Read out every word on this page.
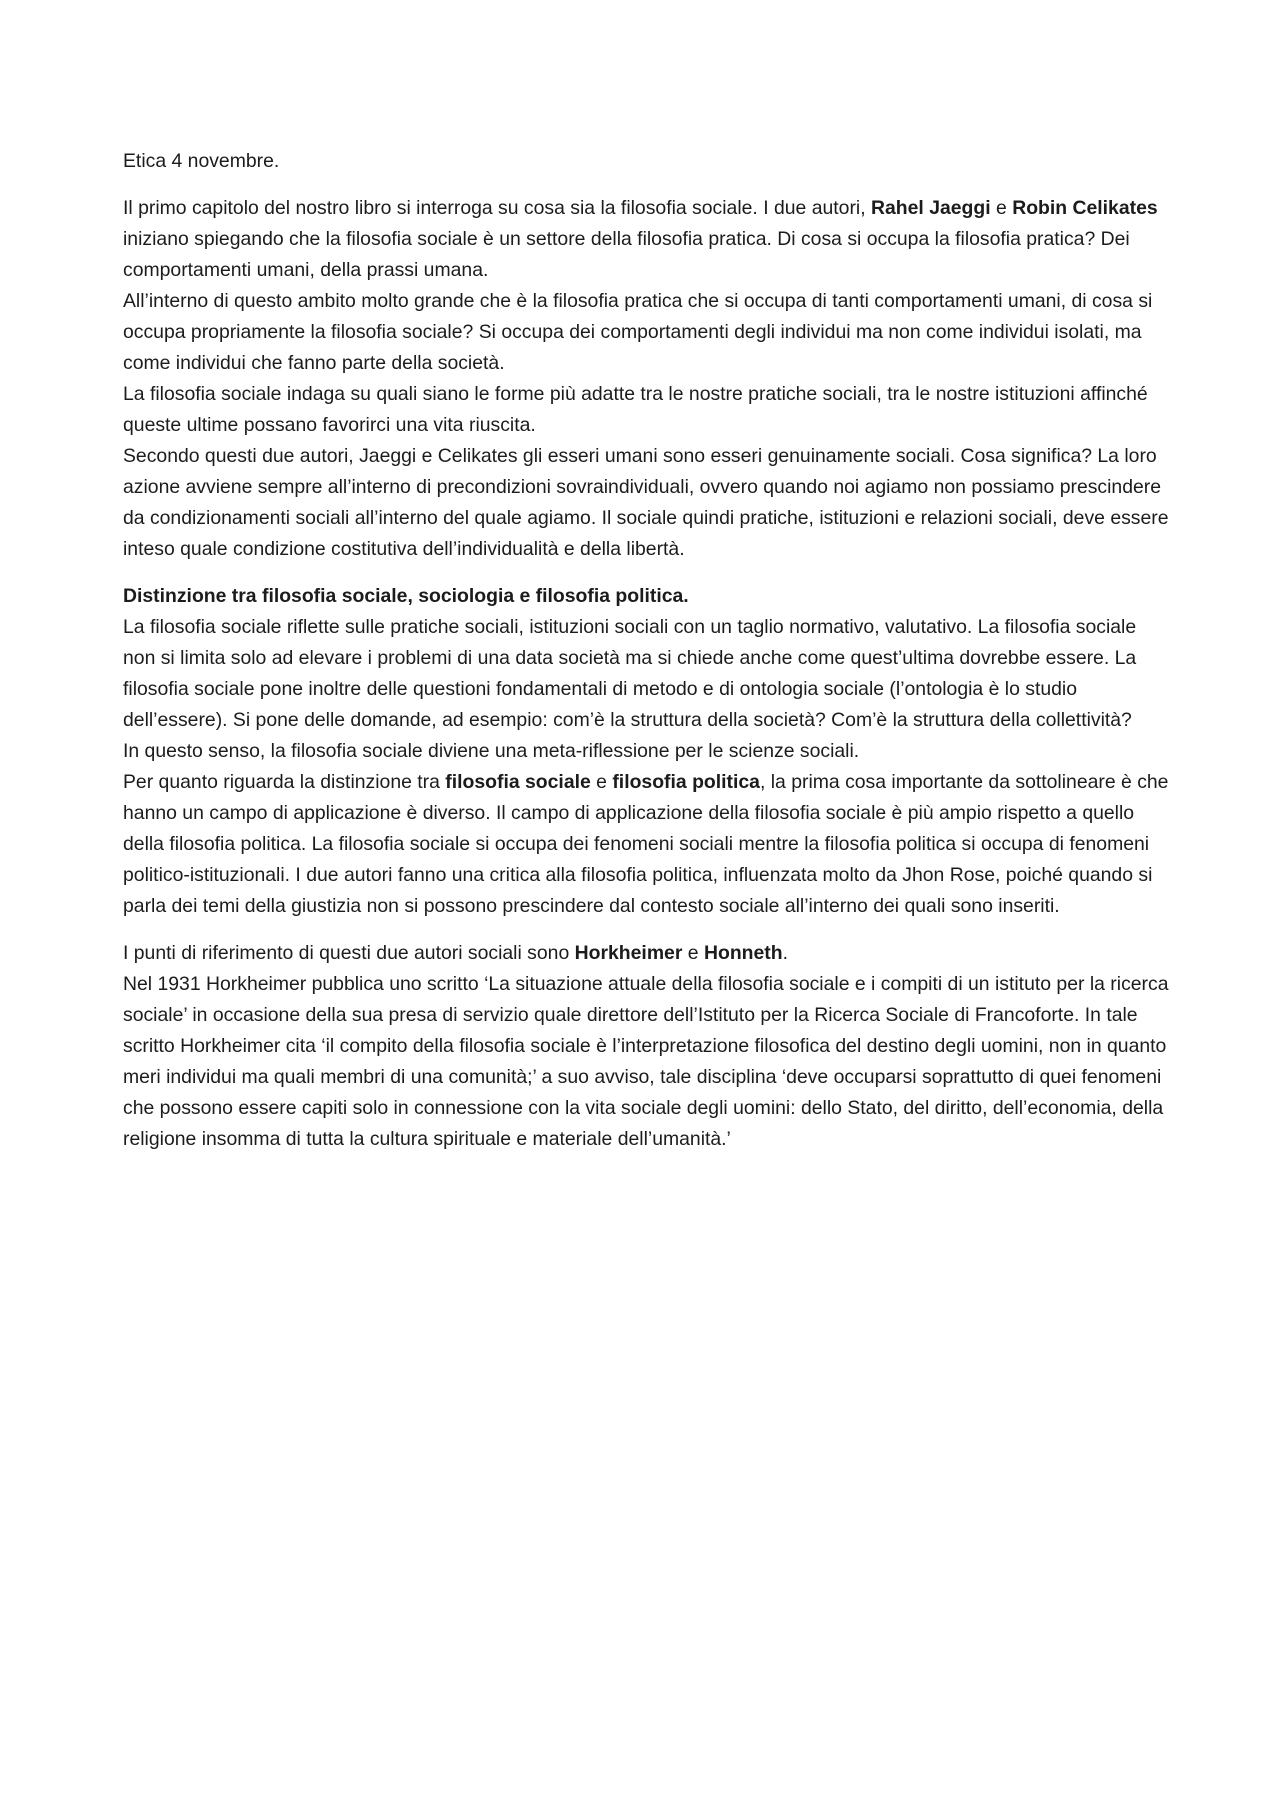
Etica 4 novembre.

Il primo capitolo del nostro libro si interroga su cosa sia la filosofia sociale. I due autori, Rahel Jaeggi e Robin Celikates iniziano spiegando che la filosofia sociale è un settore della filosofia pratica. Di cosa si occupa la filosofia pratica? Dei comportamenti umani, della prassi umana.

All’interno di questo ambito molto grande che è la filosofia pratica che si occupa di tanti comportamenti umani, di cosa si occupa propriamente la filosofia sociale? Si occupa dei comportamenti degli individui ma non come individui isolati, ma come individui che fanno parte della società.

La filosofia sociale indaga su quali siano le forme più adatte tra le nostre pratiche sociali, tra le nostre istituzioni affinché queste ultime possano favorirci una vita riuscita.

Secondo questi due autori, Jaeggi e Celikates gli esseri umani sono esseri genuinamente sociali. Cosa significa? La loro azione avviene sempre all’interno di precondizioni sovraindividuali, ovvero quando noi agiamo non possiamo prescindere da condizionamenti sociali all’interno del quale agiamo. Il sociale quindi pratiche, istituzioni e relazioni sociali, deve essere inteso quale condizione costitutiva dell’individualità e della libertà.

Distinzione tra filosofia sociale, sociologia e filosofia politica.

La filosofia sociale riflette sulle pratiche sociali, istituzioni sociali con un taglio normativo, valutativo. La filosofia sociale non si limita solo ad elevare i problemi di una data società ma si chiede anche come quest’ultima dovrebbe essere. La filosofia sociale pone inoltre delle questioni fondamentali di metodo e di ontologia sociale (l’ontologia è lo studio dell’essere). Si pone delle domande, ad esempio: com’è la struttura della società? Com’è la struttura della collettività?

In questo senso, la filosofia sociale diviene una meta-riflessione per le scienze sociali.

Per quanto riguarda la distinzione tra filosofia sociale e filosofia politica, la prima cosa importante da sottolineare è che hanno un campo di applicazione è diverso. Il campo di applicazione della filosofia sociale è più ampio rispetto a quello della filosofia politica. La filosofia sociale si occupa dei fenomeni sociali mentre la filosofia politica si occupa di fenomeni politico-istituzionali. I due autori fanno una critica alla filosofia politica, influenzata molto da Jhon Rose, poiché quando si parla dei temi della giustizia non si possono prescindere dal contesto sociale all’interno dei quali sono inseriti.

I punti di riferimento di questi due autori sociali sono Horkheimer e Honneth.

Nel 1931 Horkheimer pubblica uno scritto ‘La situazione attuale della filosofia sociale e i compiti di un istituto per la ricerca sociale’ in occasione della sua presa di servizio quale direttore dell’Istituto per la Ricerca Sociale di Francoforte. In tale scritto Horkheimer cita ‘il compito della filosofia sociale è l’interpretazione filosofica del destino degli uomini, non in quanto meri individui ma quali membri di una comunità;’ a suo avviso, tale disciplina ‘deve occuparsi soprattutto di quei fenomeni che possono essere capiti solo in connessione con la vita sociale degli uomini: dello Stato, del diritto, dell’economia, della religione insomma di tutta la cultura spirituale e materiale dell’umanità.’
